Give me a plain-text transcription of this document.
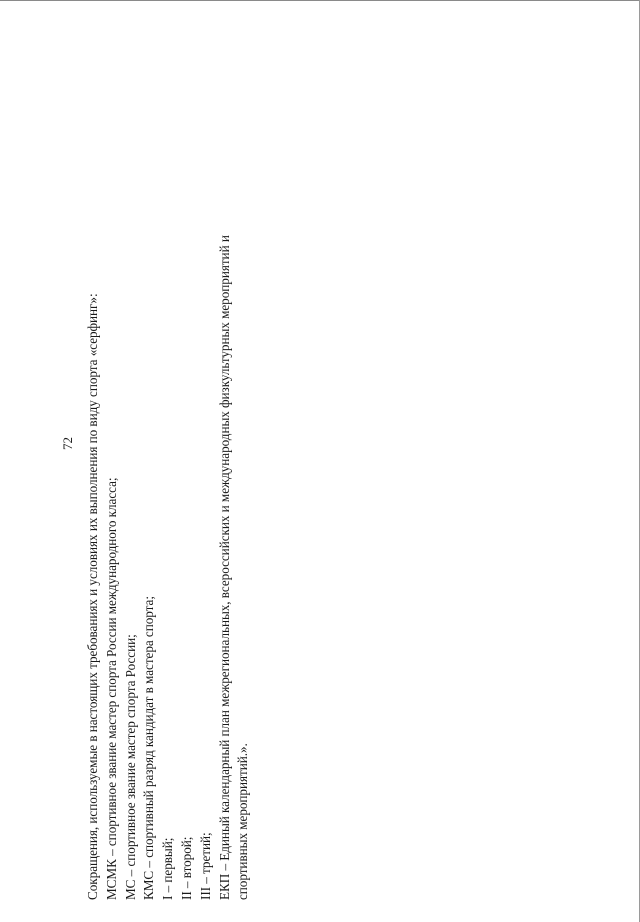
72 Сокращения, используемые в настоящих требованиях и условиях их выполнения по виду спорта «серфинг»: МСМК – спортивное звание мастер спорта России международного класса; МС – спортивное звание мастер спорта России; КМС – спортивный разряд кандидат в мастера спорта; I – первый; II – второй; III – третий; ЕКП – Единый календарный план межрегиональных, всероссийских и международных физкультурных мероприятий и спортивных мероприятий.».
